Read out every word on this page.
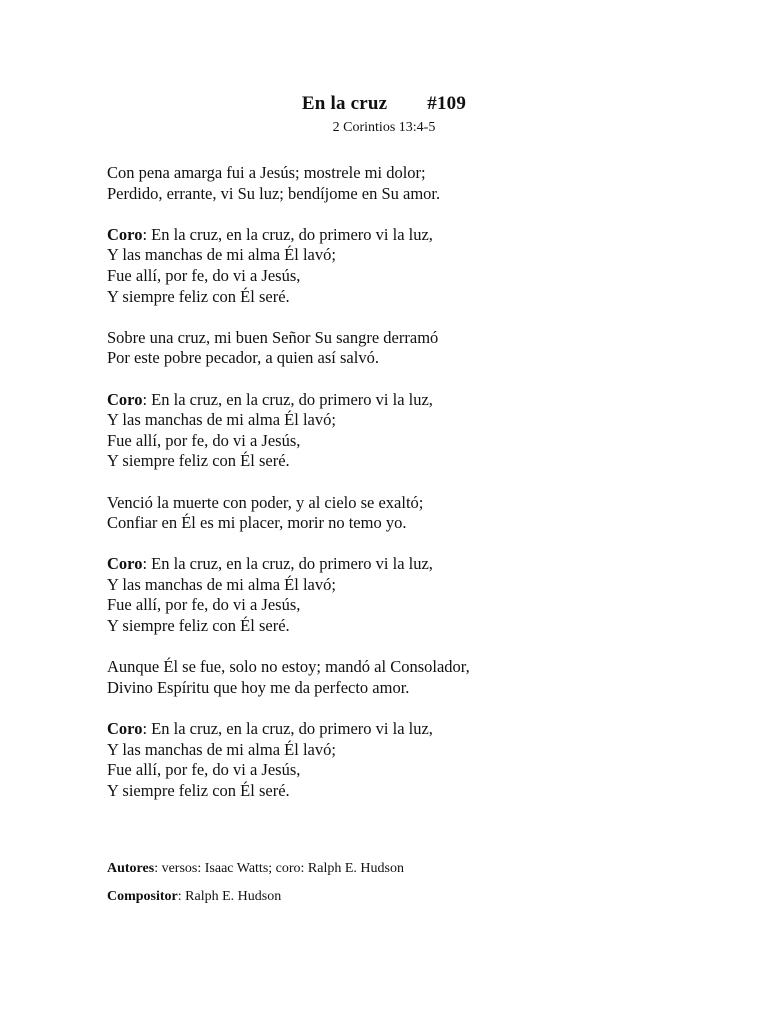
En la cruz #109
2 Corintios 13:4-5
Con pena amarga fui a Jesús; mostrele mi dolor;
Perdido, errante, vi Su luz; bendíjome en Su amor.
Coro: En la cruz, en la cruz, do primero vi la luz,
Y las manchas de mi alma Él lavó;
Fue allí, por fe, do vi a Jesús,
Y siempre feliz con Él seré.
Sobre una cruz, mi buen Señor Su sangre derramó
Por este pobre pecador, a quien así salvó.
Coro: En la cruz, en la cruz, do primero vi la luz,
Y las manchas de mi alma Él lavó;
Fue allí, por fe, do vi a Jesús,
Y siempre feliz con Él seré.
Venció la muerte con poder, y al cielo se exaltó;
Confiar en Él es mi placer, morir no temo yo.
Coro: En la cruz, en la cruz, do primero vi la luz,
Y las manchas de mi alma Él lavó;
Fue allí, por fe, do vi a Jesús,
Y siempre feliz con Él seré.
Aunque Él se fue, solo no estoy; mandó al Consolador,
Divino Espíritu que hoy me da perfecto amor.
Coro: En la cruz, en la cruz, do primero vi la luz,
Y las manchas de mi alma Él lavó;
Fue allí, por fe, do vi a Jesús,
Y siempre feliz con Él seré.
Autores: versos: Isaac Watts; coro: Ralph E. Hudson
Compositor: Ralph E. Hudson
